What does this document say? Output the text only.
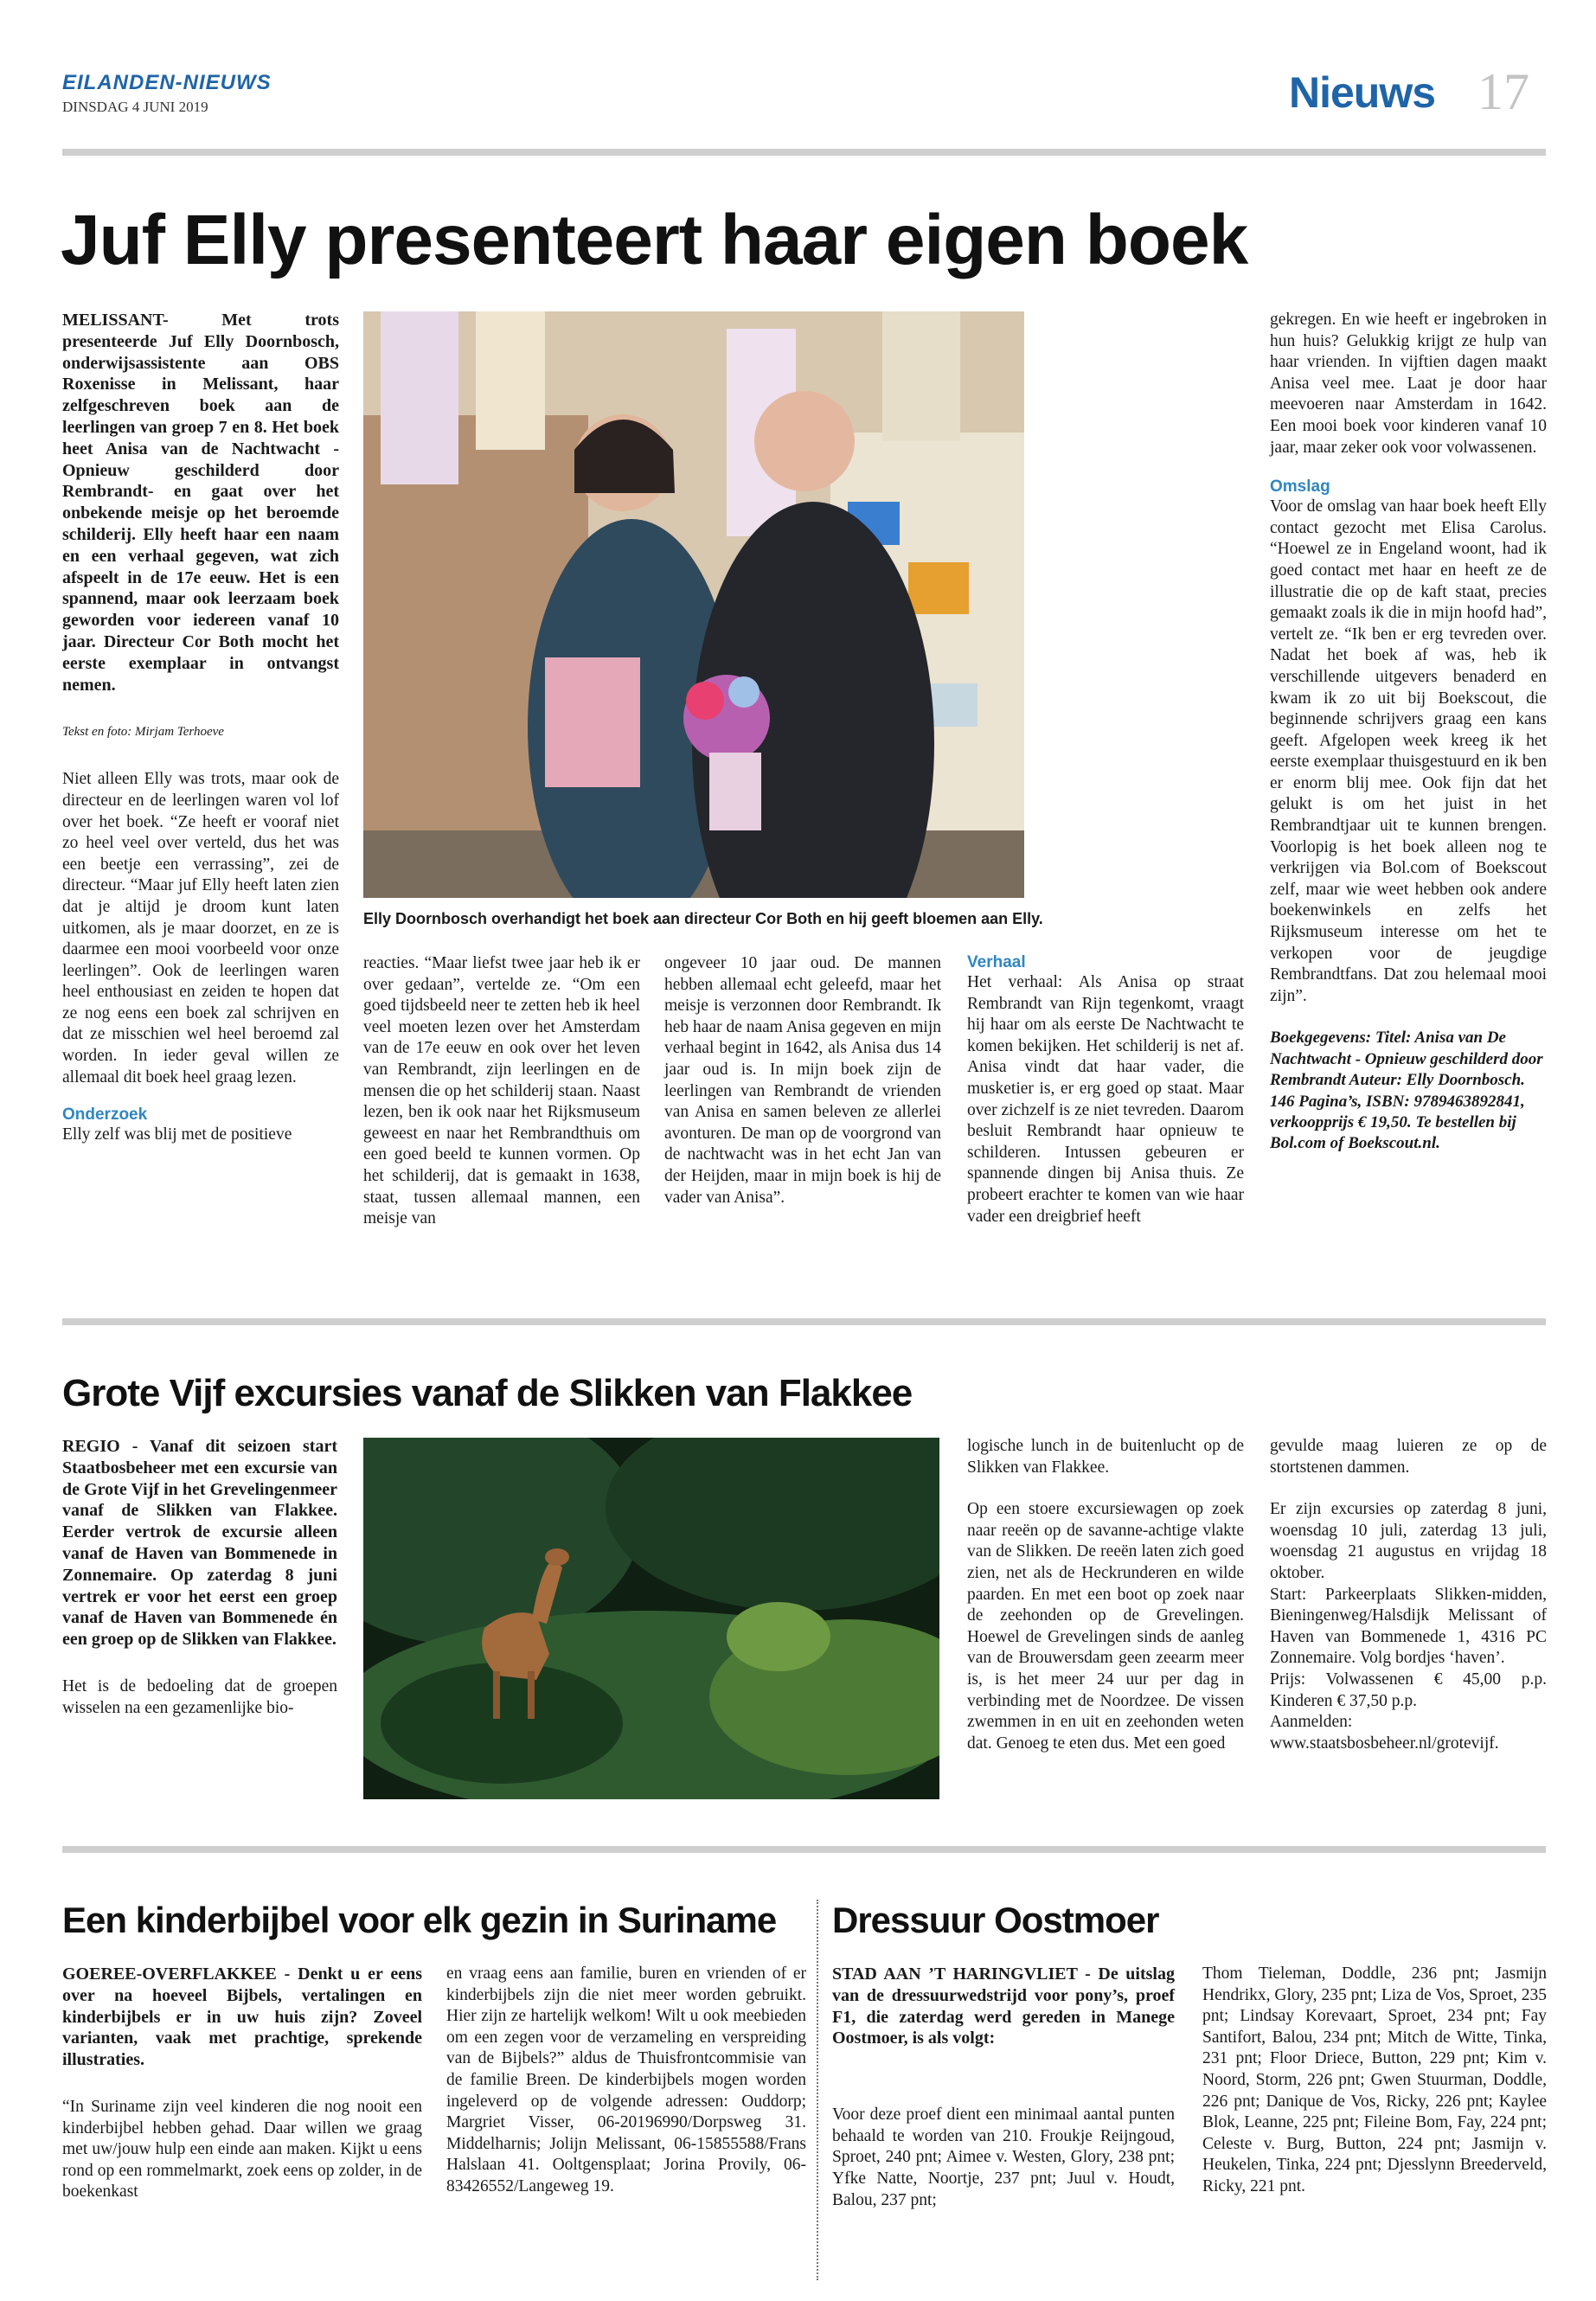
EILANDEN-NIEUWS
DINSDAG 4 JUNI 2019	Nieuws 17
Juf Elly presenteert haar eigen boek
MELISSANT- Met trots presenteerde Juf Elly Doornbosch, onderwijsassistente aan OBS Roxenisse in Melissant, haar zelfgeschreven boek aan de leerlingen van groep 7 en 8. Het boek heet Anisa van de Nachtwacht - Opnieuw geschilderd door Rembrandt- en gaat over het onbekende meisje op het beroemde schilderij. Elly heeft haar een naam en een verhaal gegeven, wat zich afspeelt in de 17e eeuw. Het is een spannend, maar ook leerzaam boek geworden voor iedereen vanaf 10 jaar. Directeur Cor Both mocht het eerste exemplaar in ontvangst nemen.
Tekst en foto: Mirjam Terhoeve
Niet alleen Elly was trots, maar ook de directeur en de leerlingen waren vol lof over het boek. “Ze heeft er vooraf niet zo heel veel over verteld, dus het was een beetje een verrassing”, zei de directeur. “Maar juf Elly heeft laten zien dat je altijd je droom kunt laten uitkomen, als je maar doorzet, en ze is daarmee een mooi voorbeeld voor onze leerlingen”. Ook de leerlingen waren heel enthousiast en zeiden te hopen dat ze nog eens een boek zal schrijven en dat ze misschien wel heel beroemd zal worden. In ieder geval willen ze allemaal dit boek heel graag lezen.
Onderzoek
Elly zelf was blij met de positieve
Elly Doornbosch overhandigt het boek aan directeur Cor Both en hij geeft bloemen aan Elly.
reacties. “Maar liefst twee jaar heb ik er over gedaan”, vertelde ze. “Om een goed tijdsbeeld neer te zetten heb ik heel veel moeten lezen over het Amsterdam van de 17e eeuw en ook over het leven van Rembrandt, zijn leerlingen en de mensen die op het schilderij staan. Naast lezen, ben ik ook naar het Rijksmuseum geweest en naar het Rembrandthuis om een goed beeld te kunnen vormen. Op het schilderij, dat is gemaakt in 1638, staat, tussen allemaal mannen, een meisje van
ongeveer 10 jaar oud. De mannen hebben allemaal echt geleefd, maar het meisje is verzonnen door Rembrandt. Ik heb haar de naam Anisa gegeven en mijn verhaal begint in 1642, als Anisa dus 14 jaar oud is. In mijn boek zijn de leerlingen van Rembrandt de vrienden van Anisa en samen beleven ze allerlei avonturen. De man op de voorgrond van de nachtwacht was in het echt Jan van der Heijden, maar in mijn boek is hij de vader van Anisa”.
Verhaal
Het verhaal: Als Anisa op straat Rembrandt van Rijn tegenkomt, vraagt hij haar om als eerste De Nachtwacht te komen bekijken. Het schilderij is net af. Anisa vindt dat haar vader, die musketier is, er erg goed op staat. Maar over zichzelf is ze niet tevreden. Daarom besluit Rembrandt haar opnieuw te schilderen. Intussen gebeuren er spannende dingen bij Anisa thuis. Ze probeert erachter te komen van wie haar vader een dreigbrief heeft
gekregen. En wie heeft er ingebroken in hun huis? Gelukkig krijgt ze hulp van haar vrienden. In vijftien dagen maakt Anisa veel mee. Laat je door haar meevoeren naar Amsterdam in 1642. Een mooi boek voor kinderen vanaf 10 jaar, maar zeker ook voor volwassenen.
Omslag
Voor de omslag van haar boek heeft Elly contact gezocht met Elisa Carolus. “Hoewel ze in Engeland woont, had ik goed contact met haar en heeft ze de illustratie die op de kaft staat, precies gemaakt zoals ik die in mijn hoofd had”, vertelt ze. “Ik ben er erg tevreden over. Nadat het boek af was, heb ik verschillende uitgevers benaderd en kwam ik zo uit bij Boekscout, die beginnende schrijvers graag een kans geeft. Afgelopen week kreeg ik het eerste exemplaar thuisgestuurd en ik ben er enorm blij mee. Ook fijn dat het gelukt is om het juist in het Rembrandtjaar uit te kunnen brengen. Voorlopig is het boek alleen nog te verkrijgen via Bol.com of Boekscout zelf, maar wie weet hebben ook andere boekenwinkels en zelfs het Rijksmuseum interesse om het te verkopen voor de jeugdige Rembrandtfans. Dat zou helemaal mooi zijn”.
Boekgegevens: Titel: Anisa van De Nachtwacht - Opnieuw geschilderd door Rembrandt Auteur: Elly Doornbosch. 146 Pagina’s, ISBN: 9789463892841, verkoopprijs € 19,50. Te bestellen bij Bol.com of Boekscout.nl.
Grote Vijf excursies vanaf de Slikken van Flakkee
REGIO - Vanaf dit seizoen start Staatbosbeheer met een excursie van de Grote Vijf in het Grevelingenmeer vanaf de Slikken van Flakkee. Eerder vertrok de excursie alleen vanaf de Haven van Bommenede in Zonnemaire. Op zaterdag 8 juni vertrek er voor het eerst een groep vanaf de Haven van Bommenede én een groep op de Slikken van Flakkee.
Het is de bedoeling dat de groepen wisselen na een gezamenlijke bio-
logische lunch in de buitenlucht op de Slikken van Flakkee.
Op een stoere excursiewagen op zoek naar reeën op de savanne-achtige vlakte van de Slikken. De reeën laten zich goed zien, net als de Heckrunderen en wilde paarden. En met een boot op zoek naar de zeehonden op de Grevelingen. Hoewel de Grevelingen sinds de aanleg van de Brouwersdam geen zeearm meer is, is het meer 24 uur per dag in verbinding met de Noordzee. De vissen zwemmen in en uit en zeehonden weten dat. Genoeg te eten dus. Met een goed
gevulde maag luieren ze op de stortstenen dammen.
Er zijn excursies op zaterdag 8 juni, woensdag 10 juli, zaterdag 13 juli, woensdag 21 augustus en vrijdag 18 oktober.
Start: Parkeerplaats Slikken-midden, Bieningenweg/Halsdijk Melissant of Haven van Bommenede 1, 4316 PC Zonnemaire. Volg bordjes ‘haven’.
Prijs: Volwassenen € 45,00 p.p. Kinderen € 37,50 p.p.
Aanmelden: www.staatsbosbeheer.nl/grotevijf.
Een kinderbijbel voor elk gezin in Suriname
GOEREE-OVERFLAKKEE - Denkt u er eens over na hoeveel Bijbels, vertalingen en kinderbijbels er in uw huis zijn? Zoveel varianten, vaak met prachtige, sprekende illustraties.
“In Suriname zijn veel kinderen die nog nooit een kinderbijbel hebben gehad. Daar willen we graag met uw/jouw hulp een einde aan maken. Kijkt u eens rond op een rommelmarkt, zoek eens op zolder, in de boekenkast
en vraag eens aan familie, buren en vrienden of er kinderbijbels zijn die niet meer worden gebruikt. Hier zijn ze hartelijk welkom! Wilt u ook meebieden om een zegen voor de verzameling en verspreiding van de Bijbels?” aldus de Thuisfrontcommisie van de familie Breen. De kinderbijbels mogen worden ingeleverd op de volgende adressen: Ouddorp; Margriet Visser, 06-20196990/Dorpsweg 31. Middelharnis; Jolijn Melissant, 06-15855588/Frans Halslaan 41. Ooltgensplaat; Jorina Provily, 06-83426552/Langeweg 19.
Dressuur Oostmoer
STAD AAN ’T HARINGVLIET - De uitslag van de dressuurwedstrijd voor pony’s, proef F1, die zaterdag werd gereden in Manege Oostmoer, is als volgt:
Voor deze proef dient een minimaal aantal punten behaald te worden van 210. Froukje Reijngoud, Sproet, 240 pnt; Aimee v. Westen, Glory, 238 pnt; Yfke Natte, Noortje, 237 pnt; Juul v. Houdt, Balou, 237 pnt;
Thom Tieleman, Doddle, 236 pnt; Jasmijn Hendrikx, Glory, 235 pnt; Liza de Vos, Sproet, 235 pnt; Lindsay Korevaart, Sproet, 234 pnt; Fay Santifort, Balou, 234 pnt; Mitch de Witte, Tinka, 231 pnt; Floor Driece, Button, 229 pnt; Kim v. Noord, Storm, 226 pnt; Gwen Stuurman, Doddle, 226 pnt; Danique de Vos, Ricky, 226 pnt; Kaylee Blok, Leanne, 225 pnt; Fileine Bom, Fay, 224 pnt; Celeste v. Burg, Button, 224 pnt; Jasmijn v. Heukelen, Tinka, 224 pnt; Djesslynn Breederveld, Ricky, 221 pnt.
